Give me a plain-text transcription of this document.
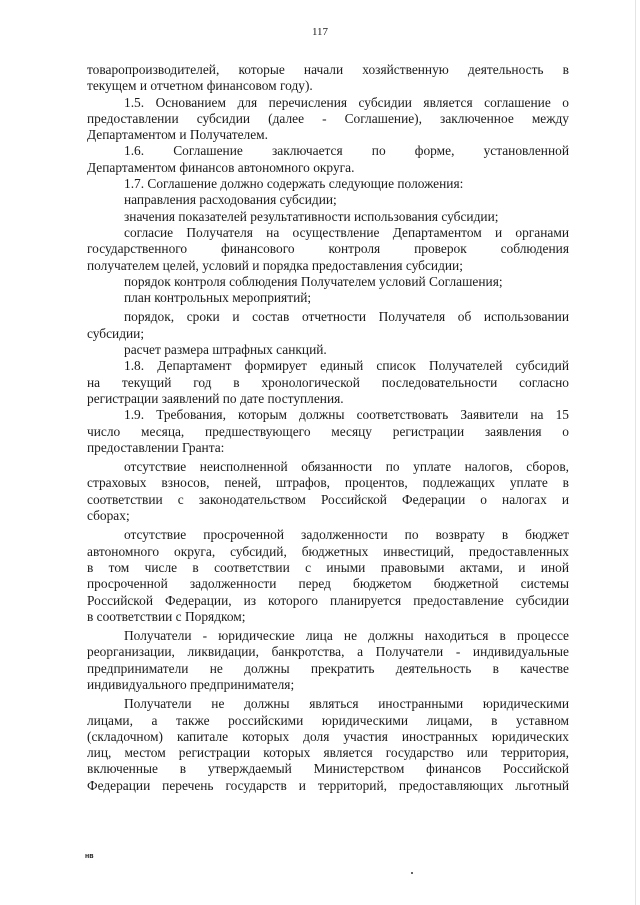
117
товаропроизводителей, которые начали хозяйственную деятельность в
текущем и отчетном финансовом году).
1.5. Основанием для перечисления субсидии является соглашение о
предоставлении субсидии (далее - Соглашение), заключенное между
Департаментом и Получателем.
1.6. Соглашение заключается по форме, установленной
Департаментом финансов автономного округа.
1.7. Соглашение должно содержать следующие положения:
направления расходования субсидии;
значения показателей результативности использования субсидии;
согласие Получателя на осуществление Департаментом и органами
государственного финансового контроля проверок соблюдения
получателем целей, условий и порядка предоставления субсидии;
порядок контроля соблюдения Получателем условий Соглашения;
план контрольных мероприятий;
порядок, сроки и состав отчетности Получателя об использовании
субсидии;
расчет размера штрафных санкций.
1.8. Департамент формирует единый список Получателей субсидий
на текущий год в хронологической последовательности согласно
регистрации заявлений по дате поступления.
1.9. Требования, которым должны соответствовать Заявители на 15
число месяца, предшествующего месяцу регистрации заявления о
предоставлении Гранта:
отсутствие неисполненной обязанности по уплате налогов, сборов,
страховых взносов, пеней, штрафов, процентов, подлежащих уплате в
соответствии с законодательством Российской Федерации о налогах и
сборах;
отсутствие просроченной задолженности по возврату в бюджет
автономного округа, субсидий, бюджетных инвестиций, предоставленных
в том числе в соответствии с иными правовыми актами, и иной
просроченной задолженности перед бюджетом бюджетной системы
Российской Федерации, из которого планируется предоставление субсидии
в соответствии с Порядком;
Получатели - юридические лица не должны находиться в процессе
реорганизации, ликвидации, банкротства, а Получатели - индивидуальные
предприниматели не должны прекратить деятельность в качестве
индивидуального предпринимателя;
Получатели не должны являться иностранными юридическими
лицами, а также российскими юридическими лицами, в уставном
(складочном) капитале которых доля участия иностранных юридических
лиц, местом регистрации которых является государство или территория,
включенные в утверждаемый Министерством финансов Российской
Федерации перечень государств и территорий, предоставляющих льготный
нв
